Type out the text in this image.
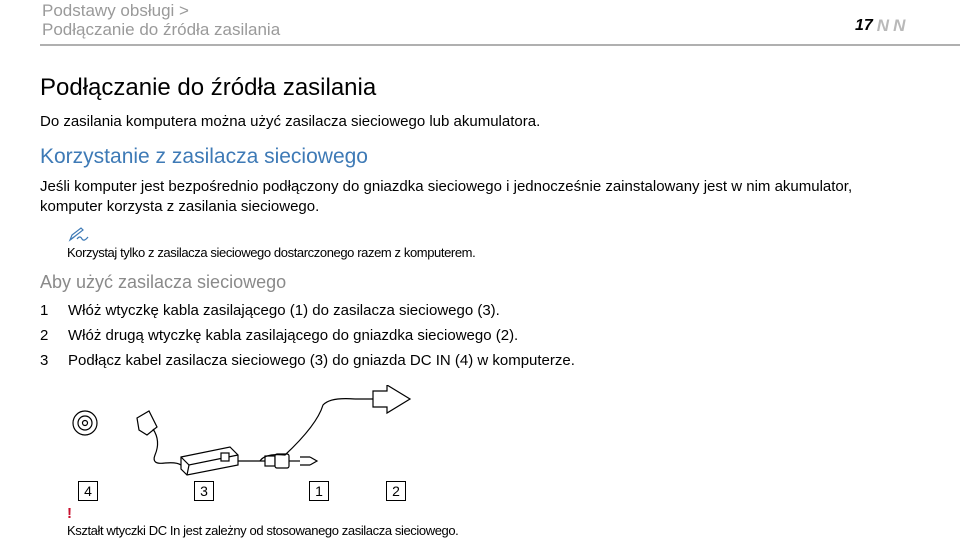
Podstawy obsługi >
Podłączanie do źródła zasilania	17 N N
Podłączanie do źródła zasilania
Do zasilania komputera można użyć zasilacza sieciowego lub akumulatora.
Korzystanie z zasilacza sieciowego
Jeśli komputer jest bezpośrednio podłączony do gniazdka sieciowego i jednocześnie zainstalowany jest w nim akumulator,
komputer korzysta z zasilania sieciowego.
Korzystaj tylko z zasilacza sieciowego dostarczonego razem z komputerem.
Aby użyć zasilacza sieciowego
1	Włóż wtyczkę kabla zasilającego (1) do zasilacza sieciowego (3).
2	Włóż drugą wtyczkę kabla zasilającego do gniazdka sieciowego (2).
3	Podłącz kabel zasilacza sieciowego (3) do gniazda DC IN (4) w komputerze.
4	3	1	2
!
Kształt wtyczki DC In jest zależny od stosowanego zasilacza sieciowego.
